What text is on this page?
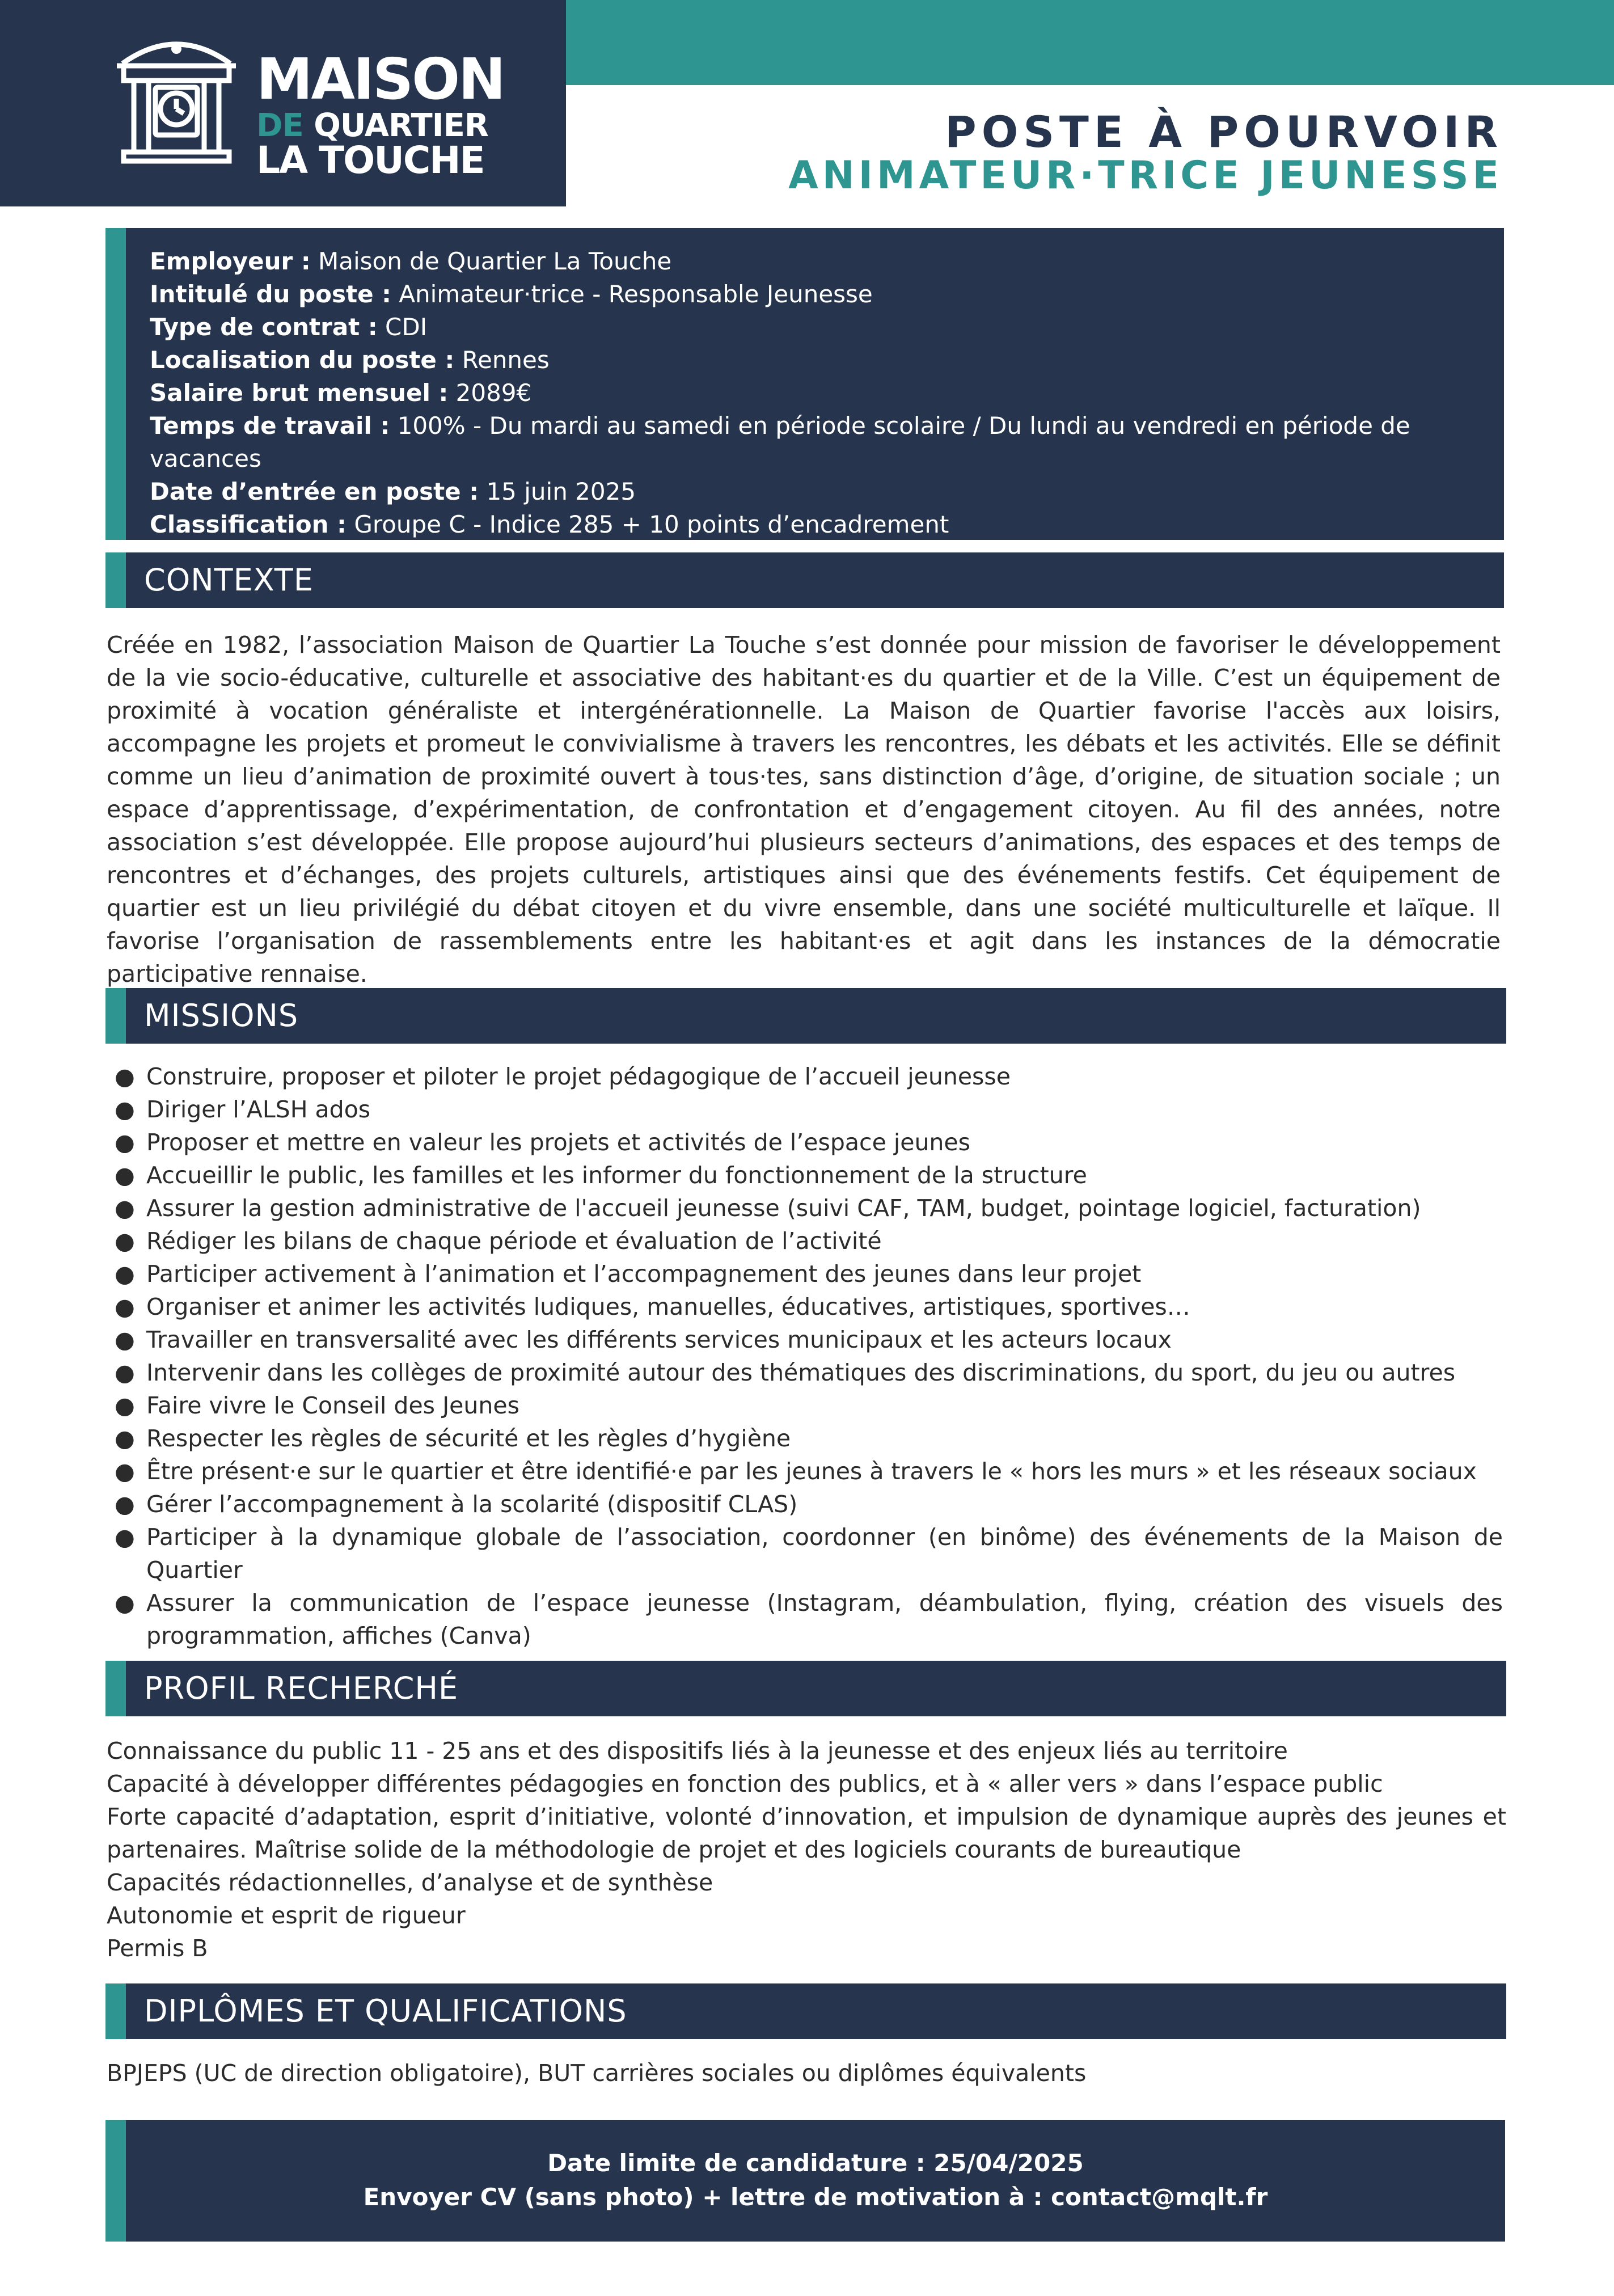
MAISON
DE QUARTIER
LA TOUCHE
POSTE À POURVOIR
ANIMATEUR·TRICE JEUNESSE
Employeur : Maison de Quartier La Touche
Intitulé du poste : Animateur·trice - Responsable Jeunesse
Type de contrat : CDI
Localisation du poste : Rennes
Salaire brut mensuel : 2089€
Temps de travail : 100% - Du mardi au samedi en période scolaire / Du lundi au vendredi en période de vacances
Date d’entrée en poste : 15 juin 2025
Classification : Groupe C - Indice 285 + 10 points d’encadrement
CONTEXTE

Créée en 1982, l’association Maison de Quartier La Touche s’est donnée pour mission de favoriser le développement de la vie socio-éducative, culturelle et associative des habitant·es du quartier et de la Ville. C’est un équipement de proximité à vocation généraliste et intergénérationnelle. La Maison de Quartier favorise l'accès aux loisirs, accompagne les projets et promeut le convivialisme à travers les rencontres, les débats et les activités. Elle se définit comme un lieu d’animation de proximité ouvert à tous·tes, sans distinction d’âge, d’origine, de situation sociale ; un espace d’apprentissage, d’expérimentation, de confrontation et d’engagement citoyen. Au fil des années, notre association s’est développée. Elle propose aujourd’hui plusieurs secteurs d’animations, des espaces et des temps de rencontres et d’échanges, des projets culturels, artistiques ainsi que des événements festifs. Cet équipement de quartier est un lieu privilégié du débat citoyen et du vivre ensemble, dans une société multiculturelle et laïque. Il favorise l’organisation de rassemblements entre les habitant·es et agit dans les instances de la démocratie participative rennaise.

MISSIONS
● Construire, proposer et piloter le projet pédagogique de l’accueil jeunesse
● Diriger l’ALSH ados
● Proposer et mettre en valeur les projets et activités de l’espace jeunes
● Accueillir le public, les familles et les informer du fonctionnement de la structure
● Assurer la gestion administrative de l'accueil jeunesse (suivi CAF, TAM, budget, pointage logiciel, facturation)
● Rédiger les bilans de chaque période et évaluation de l’activité
● Participer activement à l’animation et l’accompagnement des jeunes dans leur projet
● Organiser et animer les activités ludiques, manuelles, éducatives, artistiques, sportives…
● Travailler en transversalité avec les différents services municipaux et les acteurs locaux
● Intervenir dans les collèges de proximité autour des thématiques des discriminations, du sport, du jeu ou autres
● Faire vivre le Conseil des Jeunes
● Respecter les règles de sécurité et les règles d’hygiène
● Être présent·e sur le quartier et être identifié·e par les jeunes à travers le « hors les murs » et les réseaux sociaux
● Gérer l’accompagnement à la scolarité (dispositif CLAS)
● Participer à la dynamique globale de l’association, coordonner (en binôme) des événements de la Maison de Quartier
● Assurer la communication de l’espace jeunesse (Instagram, déambulation, flying, création des visuels des programmation, affiches (Canva)
PROFIL RECHERCHÉ
Connaissance du public 11 - 25 ans et des dispositifs liés à la jeunesse et des enjeux liés au territoire
Capacité à développer différentes pédagogies en fonction des publics, et à « aller vers » dans l’espace public
Forte capacité d’adaptation, esprit d’initiative, volonté d’innovation, et impulsion de dynamique auprès des jeunes et partenaires. Maîtrise solide de la méthodologie de projet et des logiciels courants de bureautique
Capacités rédactionnelles, d’analyse et de synthèse
Autonomie et esprit de rigueur
Permis B
DIPLÔMES ET QUALIFICATIONS
BPJEPS (UC de direction obligatoire), BUT carrières sociales ou diplômes équivalents
Date limite de candidature : 25/04/2025
Envoyer CV (sans photo) + lettre de motivation à : contact@mqlt.fr
